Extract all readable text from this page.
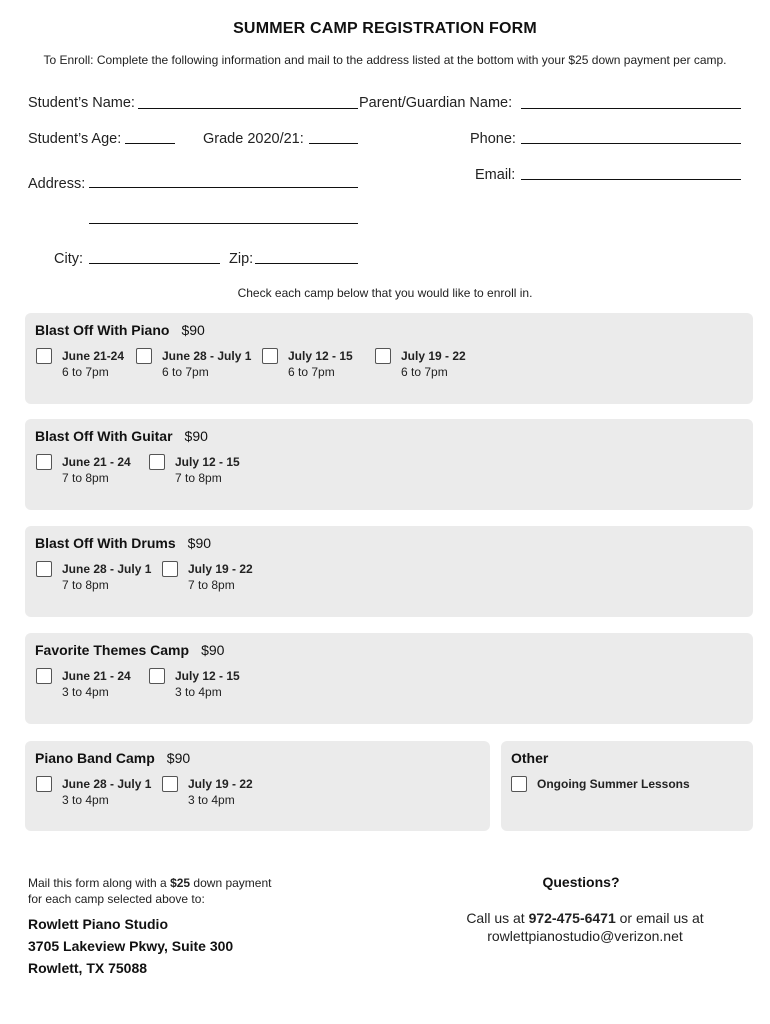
SUMMER CAMP REGISTRATION FORM
To Enroll: Complete the following information and mail to the address listed at the bottom with your $25 down payment per camp.
Student’s Name:	Parent/Guardian Name:
Student’s Age:	Grade 2020/21:	Phone:
Email:
Address:
City:	Zip:
Check each camp below that you would like to enroll in.
Blast Off With Piano $90
June 21-24
6 to 7pm
June 28 - July 1
6 to 7pm
July 12 - 15
6 to 7pm
July 19 - 22
6 to 7pm
Blast Off With Guitar $90
June 21 - 24
7 to 8pm
July 12 - 15
7 to 8pm
Blast Off With Drums $90
June 28 - July 1
7 to 8pm
July 19 - 22
7 to 8pm
Favorite Themes Camp $90
June 21 - 24
3 to 4pm
July 12 - 15
3 to 4pm
Piano Band Camp $90
June 28 - July 1
3 to 4pm
July 19 - 22
3 to 4pm
Other
Ongoing Summer Lessons
Mail this form along with a $25 down payment
for each camp selected above to:
Rowlett Piano Studio
3705 Lakeview Pkwy, Suite 300
Rowlett, TX 75088
Questions?
Call us at 972-475-6471 or email us at
rowlettpianostudio@verizon.net
